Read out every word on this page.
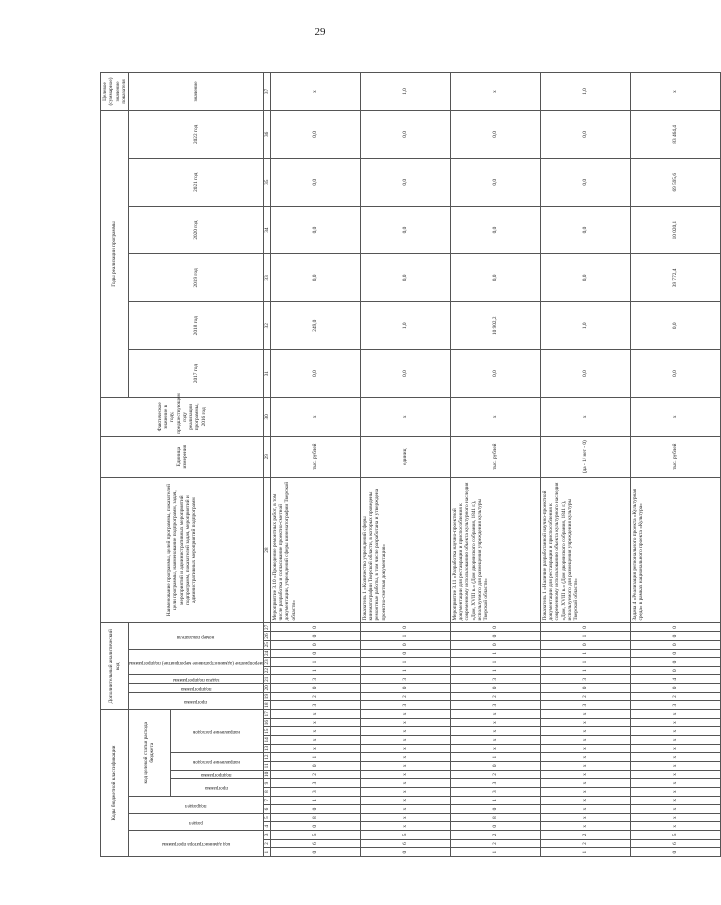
29
Коды бюджетной классификации																	Дополнительный аналитический код										Наименование программы, целей программы, показателей цели программы, наименование подпрограмм, задач, мероприятий и административных мероприятий подпрограмм, показателей задач, мероприятий и административных мероприятий подпрограмм	Единица измерения	Фактическое значение в году, предшествующем году реализации программы, 2016 год	Годы реализации программы						Целевое (суммарное) значение показателя

код администратора программы			раздел		подраздел		код целевой статьи расхода бюджета										программа		подпрограмма	задача подпрограммы	мероприятие (административное мероприятие) подпрограммы			номер показателя						2017 год	2018 год	2019 год	2020 год	2021 год	2022 год	значение

							программа		подпрограмма	направление расходов		направление расходов																								

1	2	3	4	5	6	7	8	9	10	11	12	13	14	15	16	17	18	19	20	21	22	23	24	25	26	27	28	29	30	31	32	33	34	35	36	37
0	6	5	0	8	0	1	3	3	2	0	1	x	x	x	x	x	3	2	0	3	1	1	0	0	0	0	Мероприятие 3.10 «Проведение ремонтных работ, в том числе разработка и согласование проектно-сметной документации, учреждений сферы кинематографии Тверской области»	тыс. рублей	х	0,0	249,0	0,0	0,0	0,0	0,0	х
0	6	5	x	x	x	x	x	x	x	x	x	x	x	x	x	x	3	2	0	3	1	1	0	0	1	0	Показатель 1 «Количество учреждений сферы кинематографии Тверской области, в которых проведены ремонтные работы, в том числе разработана и утверждена проектно-сметная документация»	единиц	х	0,0	1,0	0,0	0,0	0,0	0,0	1,0
1	2	2	0	8	0	1	3	3	2	0	1	x	x	x	x	x	3	2	0	3	1	1	1	0	0	0	Мероприятие 3.11 «Разработка научно-проектной документации для реставрации и приспособления к современному использованию объекта культурного наследия «Дом, XVIII в.» (Дом дворянского собрания, 1841 г.), используемого для размещения учреждения культуры Тверской области»	тыс. рублей	х	0,0	10 902,2	0,0	0,0	0,0	0,0	х
1	2	2	x	x	x	x	x	x	x	x	x	x	x	x	x	x	3	2	0	3	1	1	1	0	1	0	Показатель 1 «Наличие разработанной научно-проектной документации для реставрации и приспособления к современному использованию объекта культурного наследия «Дом, XVIII в.» (Дом дворянского собрания, 1841 г.), используемого для размещения учреждения культуры Тверской области»	(да - 1/ нет - 0)	х	0,0	1,0	0,0	0,0	0,0	0,0	1,0
0	6	5	x	x	x	x	x	x	x	x	x	x	x	x	x	x	3	2	0	4	0	0	0	0	0	0	Задача 4 «Реализация регионального проекта «Культурная среда» в рамках национального проекта «Культура»	тыс. рублей	х	0,0	0,0	39 772,4	10 020,1	69 595,6	83 464,4	х
